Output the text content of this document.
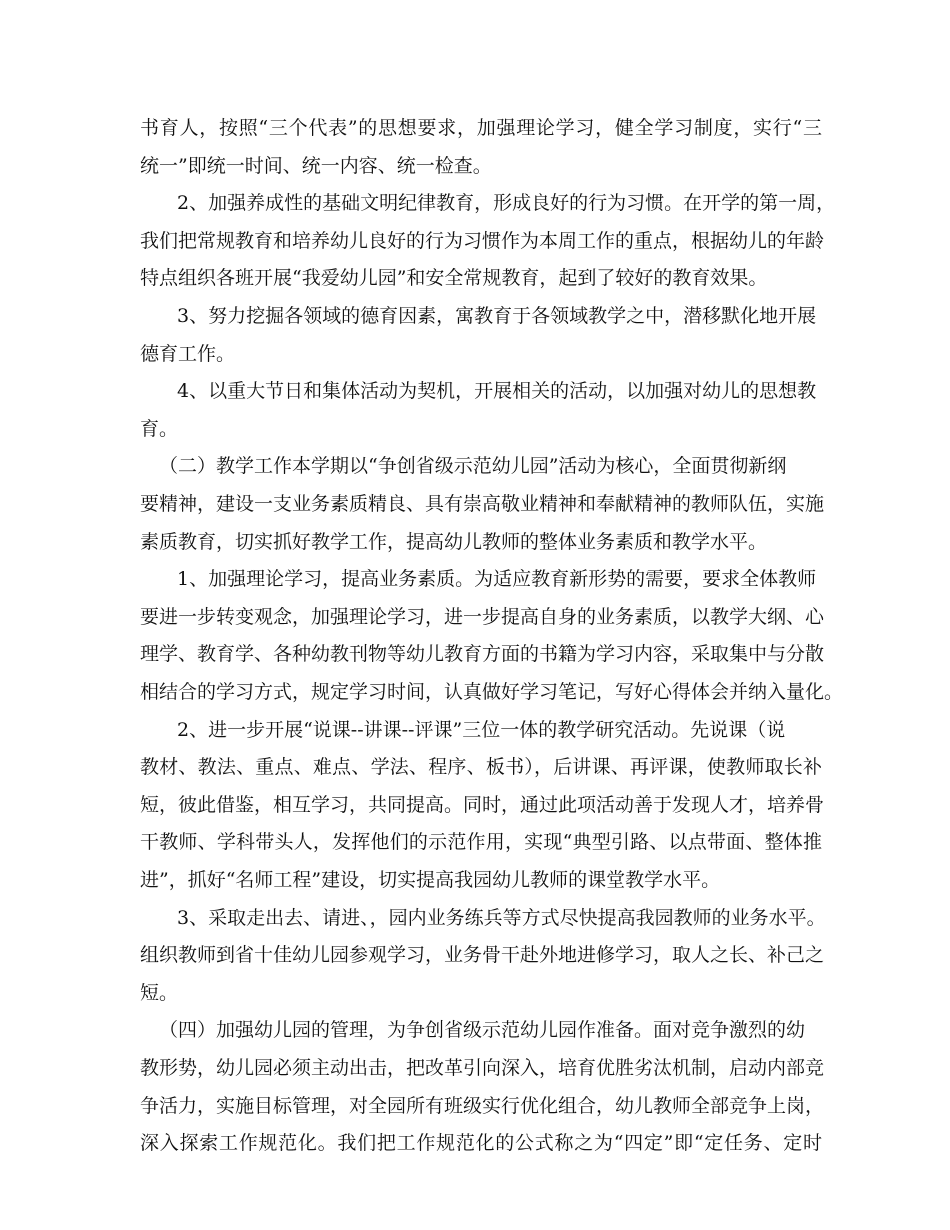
书育人，按照“三个代表”的思想要求，加强理论学习，健全学习制度，实行“三
统一”即统一时间、统一内容、统一检查。
2、加强养成性的基础文明纪律教育，形成良好的行为习惯。在开学的第一周，
我们把常规教育和培养幼儿良好的行为习惯作为本周工作的重点，根据幼儿的年龄
特点组织各班开展“我爱幼儿园”和安全常规教育，起到了较好的教育效果。
3、努力挖掘各领域的德育因素，寓教育于各领域教学之中，潜移默化地开展
德育工作。
4、以重大节日和集体活动为契机，开展相关的活动，以加强对幼儿的思想教
育。
（二）教学工作本学期以“争创省级示范幼儿园”活动为核心，全面贯彻新纲
要精神，建设一支业务素质精良、具有崇高敬业精神和奉献精神的教师队伍，实施
素质教育，切实抓好教学工作，提高幼儿教师的整体业务素质和教学水平。
1、加强理论学习，提高业务素质。为适应教育新形势的需要，要求全体教师
要进一步转变观念，加强理论学习，进一步提高自身的业务素质，以教学大纲、心
理学、教育学、各种幼教刊物等幼儿教育方面的书籍为学习内容，采取集中与分散
相结合的学习方式，规定学习时间，认真做好学习笔记，写好心得体会并纳入量化。
2、进一步开展“说课--讲课--评课”三位一体的教学研究活动。先说课（说
教材、教法、重点、难点、学法、程序、板书），后讲课、再评课，使教师取长补
短，彼此借鉴，相互学习，共同提高。同时，通过此项活动善于发现人才，培养骨
干教师、学科带头人，发挥他们的示范作用，实现“典型引路、以点带面、整体推
进”，抓好“名师工程”建设，切实提高我园幼儿教师的课堂教学水平。
3、采取走出去、请进、，园内业务练兵等方式尽快提高我园教师的业务水平。
组织教师到省十佳幼儿园参观学习，业务骨干赴外地进修学习，取人之长、补己之
短。
（四）加强幼儿园的管理，为争创省级示范幼儿园作准备。面对竞争激烈的幼
教形势，幼儿园必须主动出击，把改革引向深入，培育优胜劣汰机制，启动内部竞
争活力，实施目标管理，对全园所有班级实行优化组合，幼儿教师全部竞争上岗，
深入探索工作规范化。我们把工作规范化的公式称之为“四定”即“定任务、定时
